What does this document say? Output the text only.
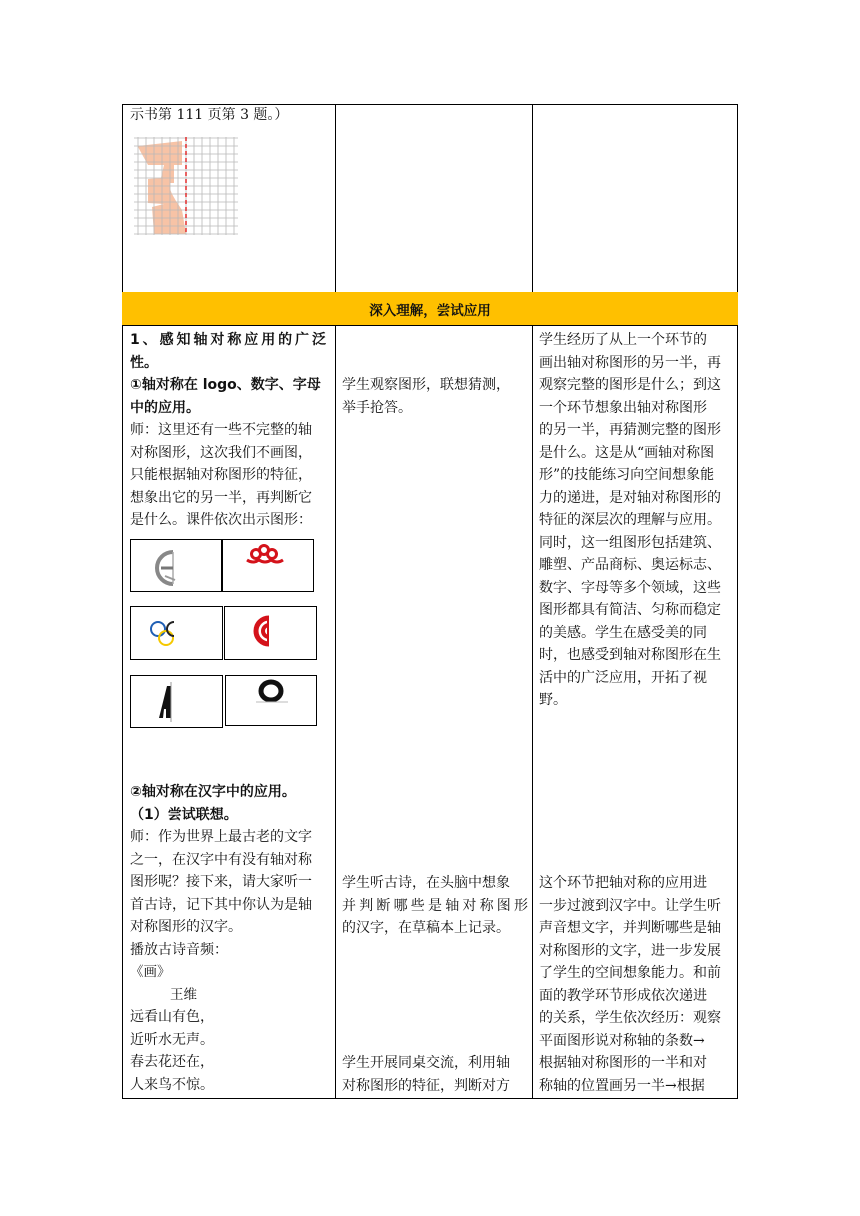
示书第 111 页第 3 题。）
深入理解，尝试应用
1、感知轴对称应用的广泛
性。
①轴对称在 logo、数字、字母
中的应用。
师：这里还有一些不完整的轴
对称图形，这次我们不画图，
只能根据轴对称图形的特征，
想象出它的另一半，再判断它
是什么。课件依次出示图形：
②轴对称在汉字中的应用。
（1）尝试联想。
师：作为世界上最古老的文字
之一，在汉字中有没有轴对称
图形呢？接下来，请大家听一
首古诗，记下其中你认为是轴
对称图形的汉字。
播放古诗音频：
《画》
王维
远看山有色，
近听水无声。
春去花还在，
人来鸟不惊。
学生观察图形，联想猜测，
举手抢答。
学生听古诗，在头脑中想象
并判断哪些是轴对称图形
的汉字，在草稿本上记录。
学生开展同桌交流，利用轴
对称图形的特征，判断对方
学生经历了从上一个环节的
画出轴对称图形的另一半，再
观察完整的图形是什么；到这
一个环节想象出轴对称图形
的另一半，再猜测完整的图形
是什么。这是从“画轴对称图
形”的技能练习向空间想象能
力的递进，是对轴对称图形的
特征的深层次的理解与应用。
同时，这一组图形包括建筑、
雕塑、产品商标、奥运标志、
数字、字母等多个领域，这些
图形都具有简洁、匀称而稳定
的美感。学生在感受美的同
时，也感受到轴对称图形在生
活中的广泛应用，开拓了视
野。
这个环节把轴对称的应用进
一步过渡到汉字中。让学生听
声音想文字，并判断哪些是轴
对称图形的文字，进一步发展
了学生的空间想象能力。和前
面的教学环节形成依次递进
的关系，学生依次经历：观察
平面图形说对称轴的条数→
根据轴对称图形的一半和对
称轴的位置画另一半→根据
